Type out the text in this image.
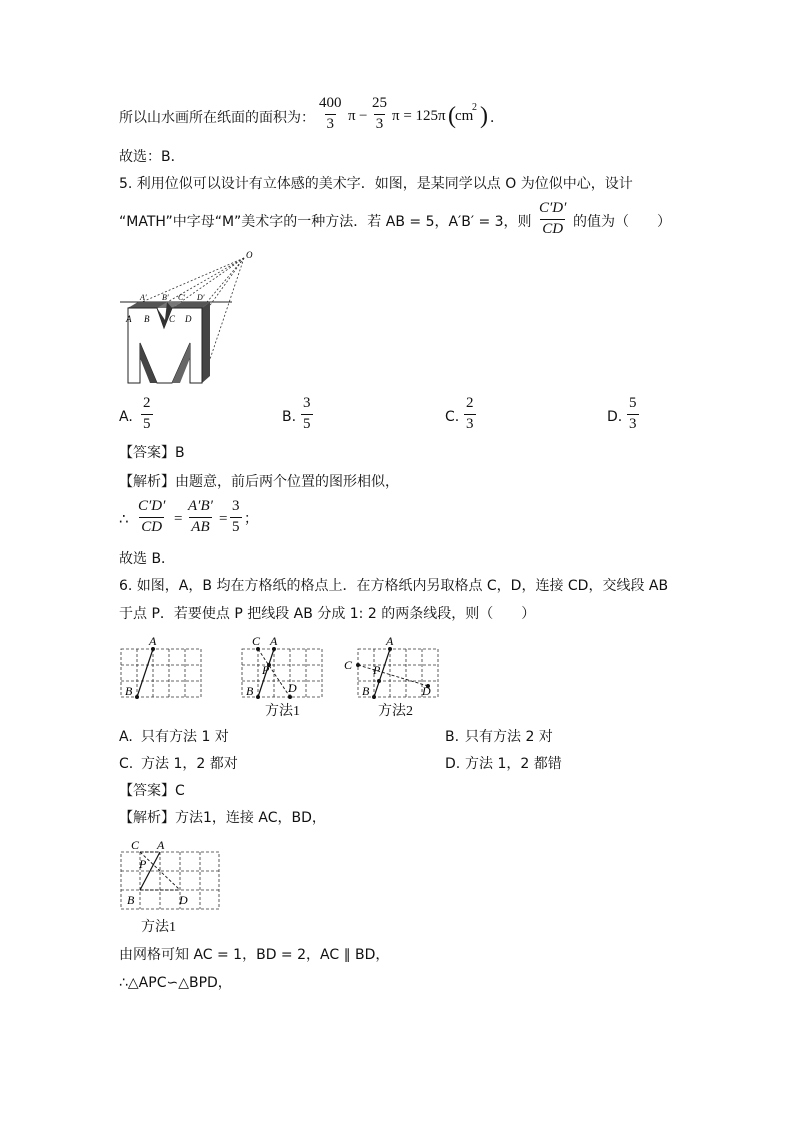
所以山水画所在纸面的面积为： $\frac{400}{3}$ $\pi - \frac{25}{3}$ π = 125π ( cm
2 ) ．
故选：B．
5. 利用位似可以设计有立体感的美术字．如图，是某同学以点 O 为位似中心，设计
“MATH”中字母“M”美术字的一种方法．若 AB = 5，A′B′ = 3，则 $\frac{C'D'}{CD}$ 的值为（　　）
O
A′ B′ C′ D′
A B C D
A. $\frac{2}{5}$	B. $\frac{3}{5}$	C. $\frac{2}{3}$	D. $\frac{5}{3}$
【答案】B
【解析】由题意，前后两个位置的图形相似，
∴ $\frac{C'D'}{CD} = \frac{A'B'}{AB} = \frac{3}{5}$ ；
故选 B．
6. 如图，A，B 均在方格纸的格点上．在方格纸内另取格点 C，D，连接 CD，交线段 AB
于点 P．若要使点 P 把线段 AB 分成 1: 2 的两条线段，则（　　）
A
B
A
B
C
P
D
方法1
A
B
C P
D
方法2
A. 只有方法 1 对	B. 只有方法 2 对
C. 方法 1，2 都对	D. 方法 1，2 都错
【答案】C
【解析】方法1，连接 AC，BD，
C A
P
B	D
方法1
由网格可知 AC = 1，BD = 2，AC ∥ BD，
∴△APC∽△BPD，
